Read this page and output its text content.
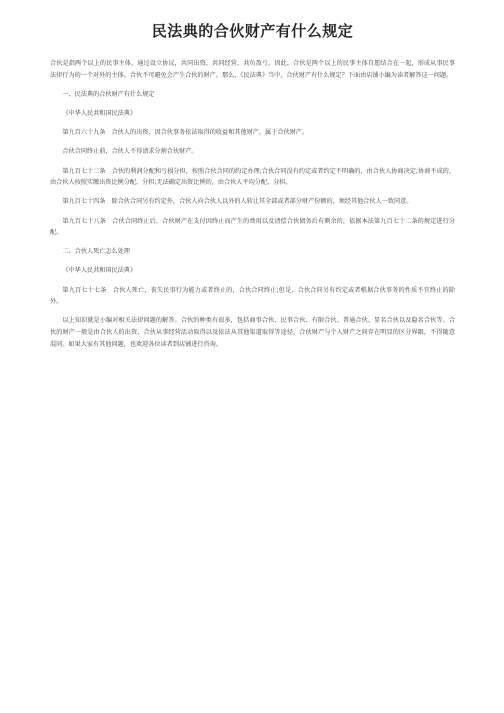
民法典的合伙财产有什么规定

合伙是指两个以上的民事主体，通过设立协议，共同出资、共同经营、共负盈亏。因此，合伙是两个以上的民事主体自愿结合在一起，形成从事民事法律行为的一个对外的主体。合伙不可避免会产生合伙的财产。那么，《民法典》当中，合伙财产有什么规定？下面由店铺小编为读者解答这一问题。

一、民法典的合伙财产有什么规定

《中华人民共和国民法典》

第九百六十九条　合伙人的出资、因合伙事务依法取得的收益和其他财产，属于合伙财产。

合伙合同终止前，合伙人不得请求分割合伙财产。

第九百七十二条　合伙的利润分配和亏损分担，按照合伙合同的约定办理;合伙合同没有约定或者约定不明确的，由合伙人协商决定;协商不成的，由合伙人按照实缴出资比例分配、分担;无法确定出资比例的，由合伙人平均分配、分担。

第九百七十四条　除合伙合同另有约定外，合伙人向合伙人以外的人转让其全部或者部分财产份额的，须经其他合伙人一致同意。

第九百七十八条　合伙合同终止后，合伙财产在支付因终止而产生的费用以及清偿合伙债务后有剩余的，依据本法第九百七十二条的规定进行分配。

二、合伙人死亡怎么处理

《中华人民共和国民法典》

第九百七十七条　合伙人死亡、丧失民事行为能力或者终止的，合伙合同终止;但是，合伙合同另有约定或者根据合伙事务的性质不宜终止的除外。

以上知识就是小编对相关法律问题的解答。合伙的种类有很多，包括商事合伙、民事合伙、有限合伙、普通合伙、显名合伙以及隐名合伙等。合伙的财产一般是由合伙人的出资、合伙从事经营活动取得以及依法从其他渠道取得等途径。合伙财产与个人财产之间存在明显的区分界限，不得随意混同。如果大家有其他问题，也欢迎各位读者到店铺进行咨询。
